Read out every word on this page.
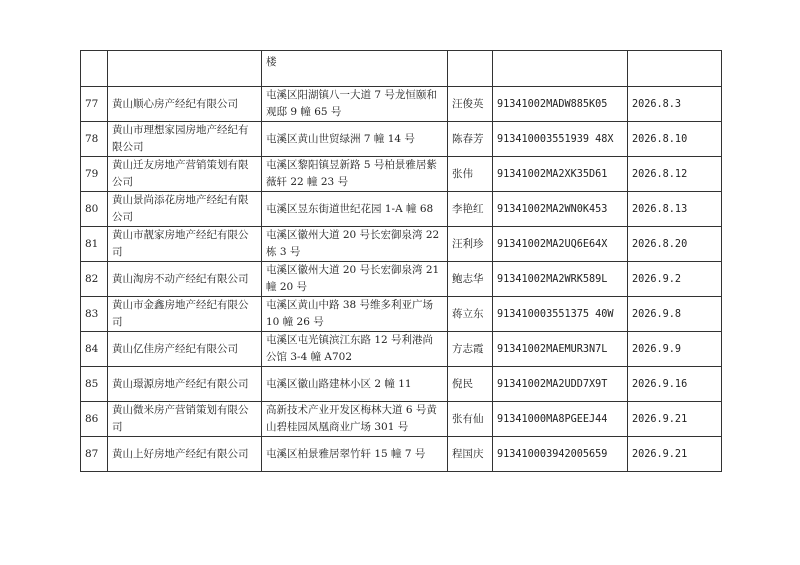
		楼			
77	黄山顺心房产经纪有限公司	屯溪区阳湖镇八一大道 7 号龙恒颐和观邸 9 幢 65 号	汪俊英	91341002MADW885K05	2026.8.3
78	黄山市理想家园房地产经纪有限公司	屯溪区黄山世贸绿洲 7 幢 14 号	陈春芳	913410003551939 48X	2026.8.10
79	黄山迁友房地产营销策划有限公司	屯溪区黎阳镇昱新路 5 号柏景雅居紫薇轩 22 幢 23 号	张伟	91341002MA2XK35D61	2026.8.12
80	黄山景尚添花房地产经纪有限公司	屯溪区昱东街道世纪花园 1-A 幢 68	李艳红	91341002MA2WN0K453	2026.8.13
81	黄山市靓家房地产经纪有限公司	屯溪区徽州大道 20 号长宏御泉湾 22 栋 3 号	汪利珍	91341002MA2UQ6E64X	2026.8.20
82	黄山淘房不动产经纪有限公司	屯溪区徽州大道 20 号长宏御泉湾 21 幢 20 号	鲍志华	91341002MA2WRK589L	2026.9.2
83	黄山市金鑫房地产经纪有限公司	屯溪区黄山中路 38 号维多利亚广场 10 幢 26 号	蒋立东	913410003551375 40W	2026.9.8
84	黄山亿佳房产经纪有限公司	屯溪区屯光镇滨江东路 12 号利港尚公馆 3-4 幢 A702	方志霞	91341002MAEMUR3N7L	2026.9.9
85	黄山璟源房地产经纪有限公司	屯溪区徽山路建林小区 2 幢 11	倪民	91341002MA2UDD7X9T	2026.9.16
86	黄山微米房产营销策划有限公司	高新技术产业开发区梅林大道 6 号黄山碧桂园凤凰商业广场 301 号	张有仙	91341000MA8PGEEJ44	2026.9.21
87	黄山上好房地产经纪有限公司	屯溪区柏景雅居翠竹轩 15 幢 7 号	程国庆	913410003942005659	2026.9.21
